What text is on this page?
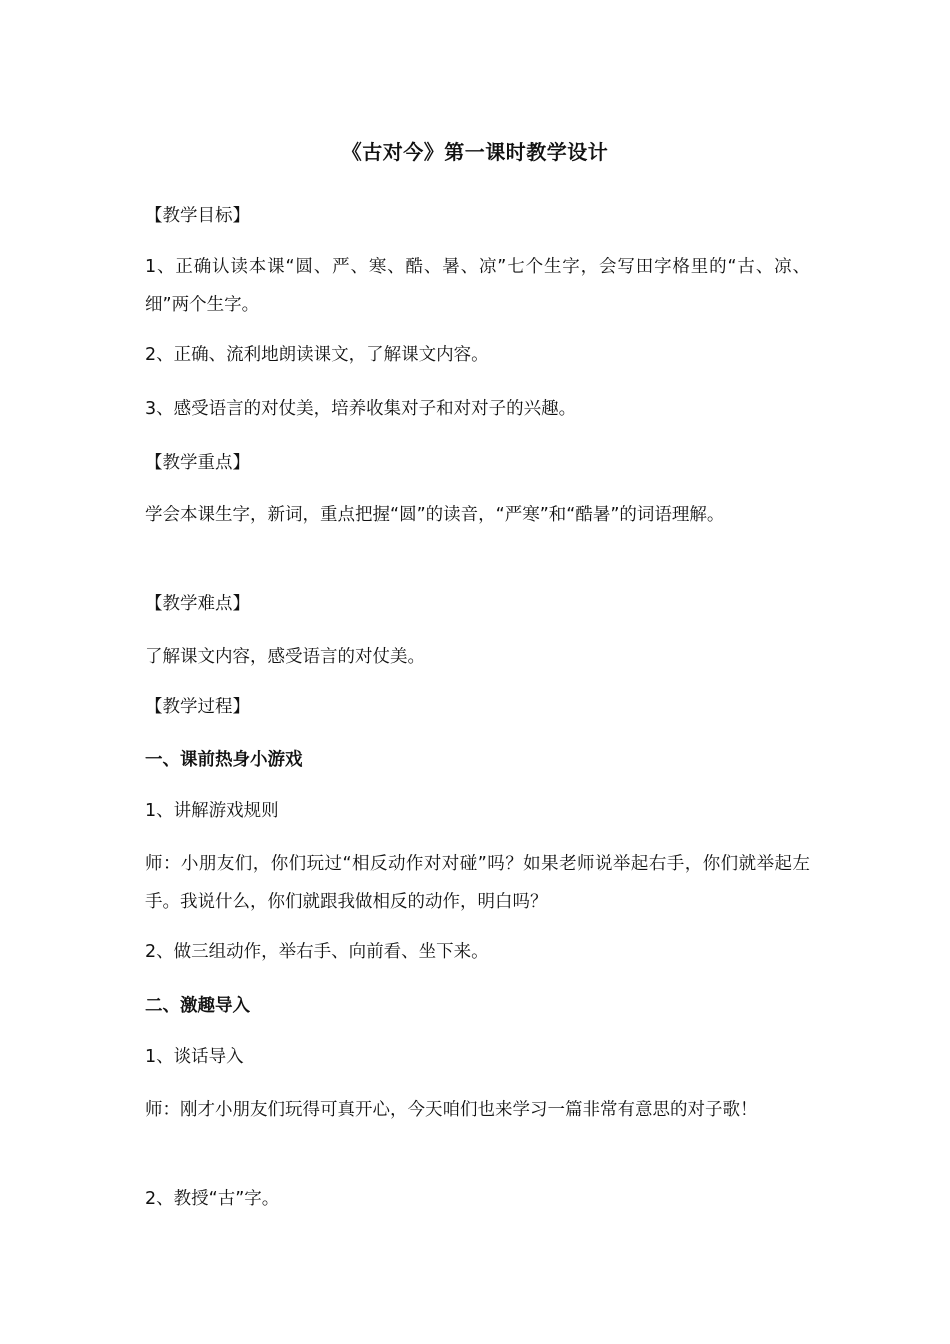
《古对今》第一课时教学设计
【教学目标】
1、正确认读本课“圆、严、寒、酷、暑、凉”七个生字，会写田字格里的“古、凉、细”两个生字。
2、正确、流利地朗读课文，了解课文内容。
3、感受语言的对仗美，培养收集对子和对对子的兴趣。
【教学重点】
学会本课生字，新词，重点把握“圆”的读音，“严寒”和“酷暑”的词语理解。
【教学难点】
了解课文内容，感受语言的对仗美。
【教学过程】
一、课前热身小游戏
1、讲解游戏规则
师：小朋友们，你们玩过“相反动作对对碰”吗？如果老师说举起右手，你们就举起左手。我说什么，你们就跟我做相反的动作，明白吗？
2、做三组动作，举右手、向前看、坐下来。
二、激趣导入
1、谈话导入
师：刚才小朋友们玩得可真开心，今天咱们也来学习一篇非常有意思的对子歌！
2、教授“古”字。
